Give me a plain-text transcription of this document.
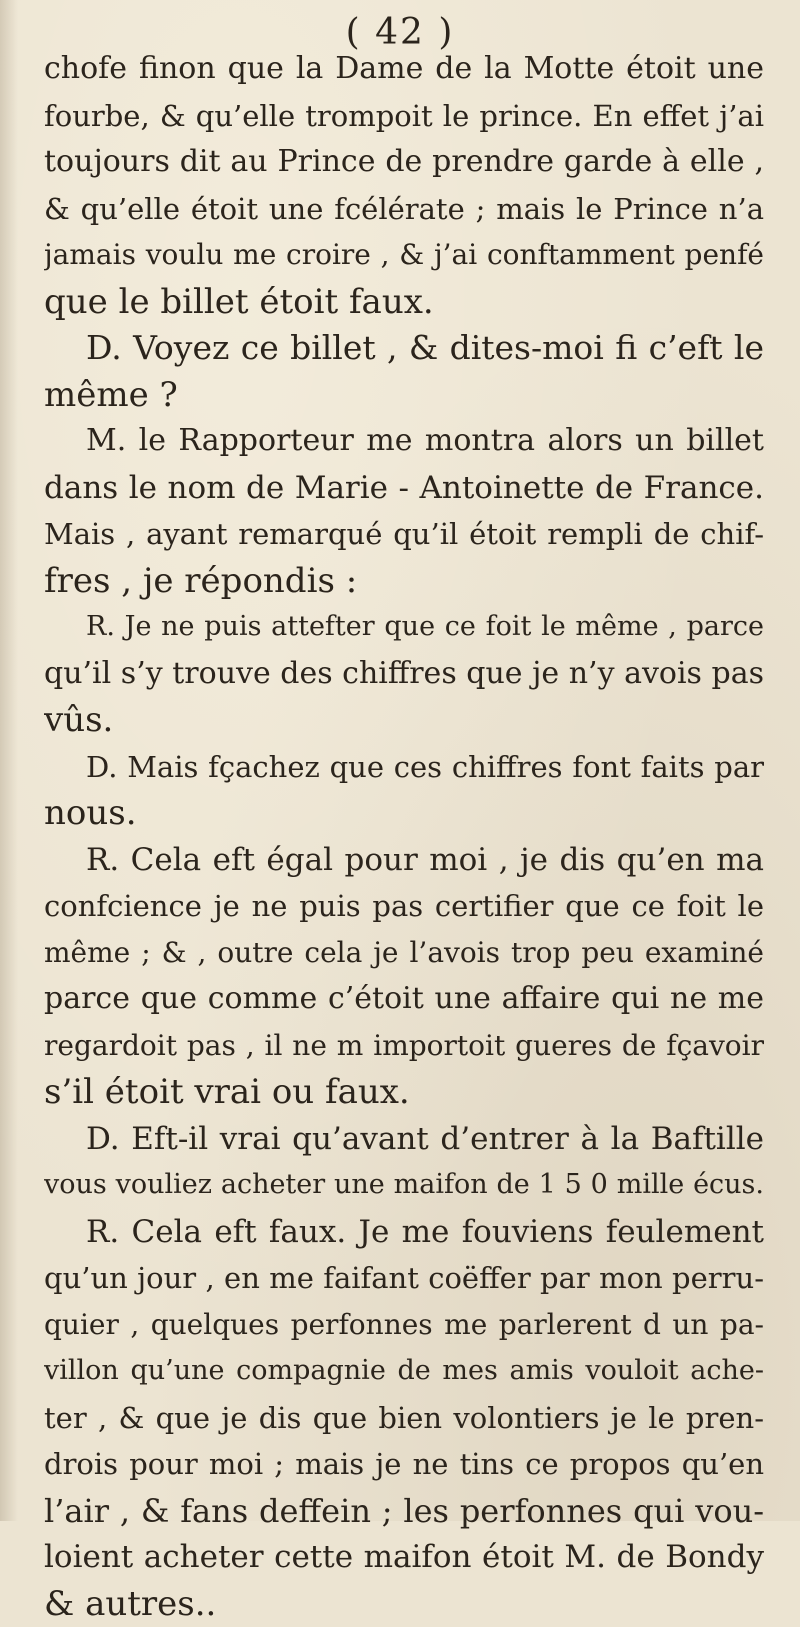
( 42 )
chofe finon que la Dame de la Motte étoit une
fourbe, & qu’elle trompoit le prince. En effet j’ai
toujours dit au Prince de prendre garde à elle ,
& qu’elle étoit une fcélérate ; mais le Prince n’a
jamais voulu me croire , & j’ai conftamment penfé
que le billet étoit faux.
D. Voyez ce billet , & dites-moi fi c’eft le
même ?
M. le Rapporteur me montra alors un billet
dans le nom de Marie - Antoinette de France.
Mais , ayant remarqué qu’il étoit rempli de chif-
fres , je répondis :
R. Je ne puis attefter que ce foit le même , parce
qu’il s’y trouve des chiffres que je n’y avois pas
vûs.
D. Mais fçachez que ces chiffres font faits par
nous.
R. Cela eft égal pour moi , je dis qu’en ma
confcience je ne puis pas certifier que ce foit le
même ; & , outre cela je l’avois trop peu examiné
parce que comme c’étoit une affaire qui ne me
regardoit pas , il ne m importoit gueres de fçavoir
s’il étoit vrai ou faux.
D. Eft-il vrai qu’avant d’entrer à la Baftille
vous vouliez acheter une maifon de 1 5 0 mille écus.
R. Cela eft faux. Je me fouviens feulement
qu’un jour , en me faifant coëffer par mon perru-
quier , quelques perfonnes me parlerent d un pa-
villon qu’une compagnie de mes amis vouloit ache-
ter , & que je dis que bien volontiers je le pren-
drois pour moi ; mais je ne tins ce propos qu’en
l’air , & fans deffein ; les perfonnes qui vou-
loient acheter cette maifon étoit M. de Bondy
& autres..
